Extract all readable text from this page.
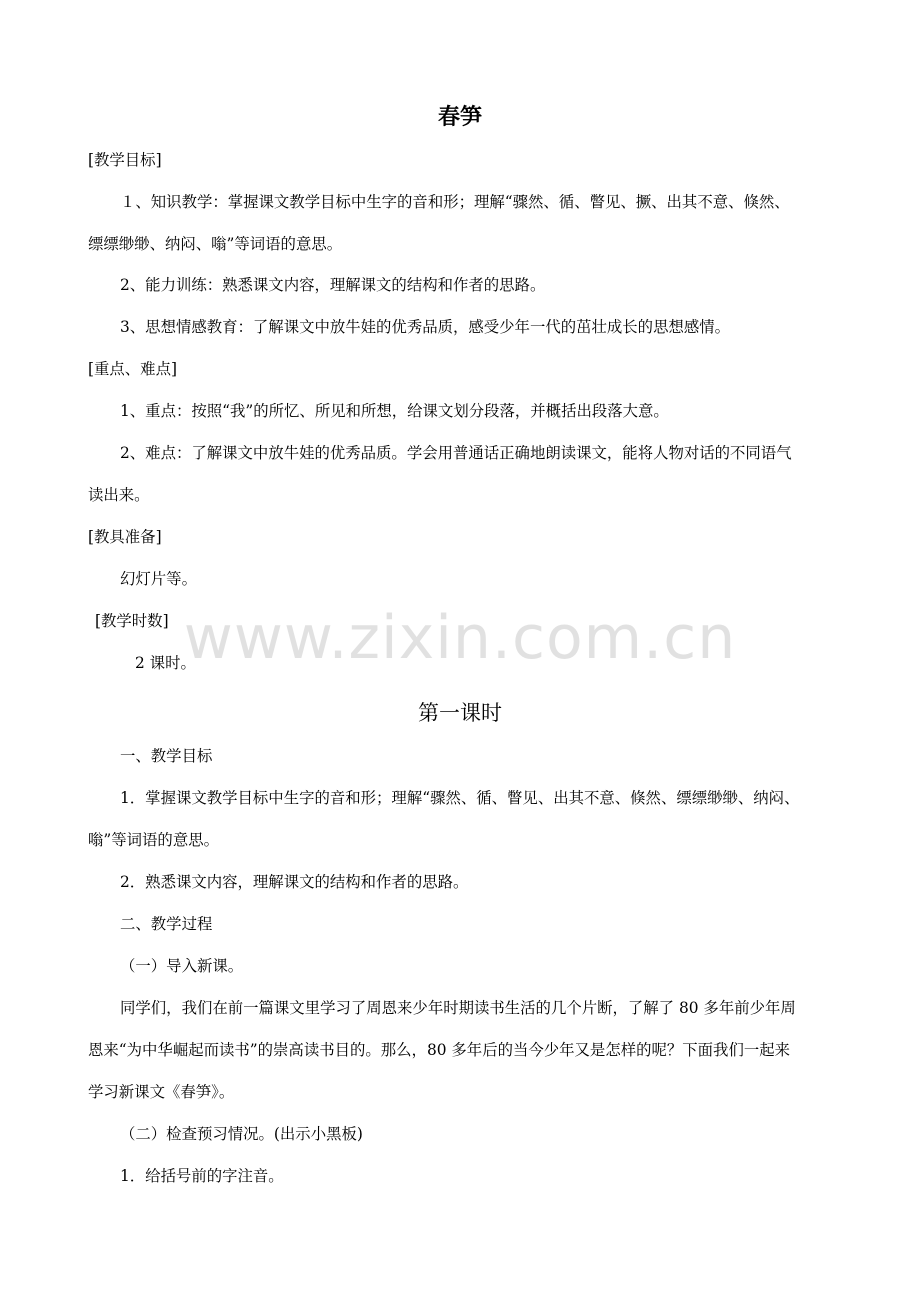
春笋
[教学目标]
１、知识教学：掌握课文教学目标中生字的音和形；理解“骤然、循、瞥见、撅、出其不意、倏然、
缥缥缈缈、纳闷、嗡”等词语的意思。
2、能力训练：熟悉课文内容，理解课文的结构和作者的思路。
3、思想情感教育：了解课文中放牛娃的优秀品质，感受少年一代的茁壮成长的思想感情。
[重点、难点]
1、重点：按照“我”的所忆、所见和所想，给课文划分段落，并概括出段落大意。
2、难点：了解课文中放牛娃的优秀品质。学会用普通话正确地朗读课文，能将人物对话的不同语气
读出来。
[教具准备]
幻灯片等。
[教学时数]
2 课时。
第一课时
一、教学目标
1．掌握课文教学目标中生字的音和形；理解“骤然、循、瞥见、出其不意、倏然、缥缥缈缈、纳闷、
嗡”等词语的意思。
2．熟悉课文内容，理解课文的结构和作者的思路。
二、教学过程
（一）导入新课。
同学们，我们在前一篇课文里学习了周恩来少年时期读书生活的几个片断，了解了 80 多年前少年周
恩来“为中华崛起而读书”的崇高读书目的。那么，80 多年后的当今少年又是怎样的呢？下面我们一起来
学习新课文《春笋》。
（二）检查预习情况。(出示小黑板)
1．给括号前的字注音。
www.zixin.com.cn
